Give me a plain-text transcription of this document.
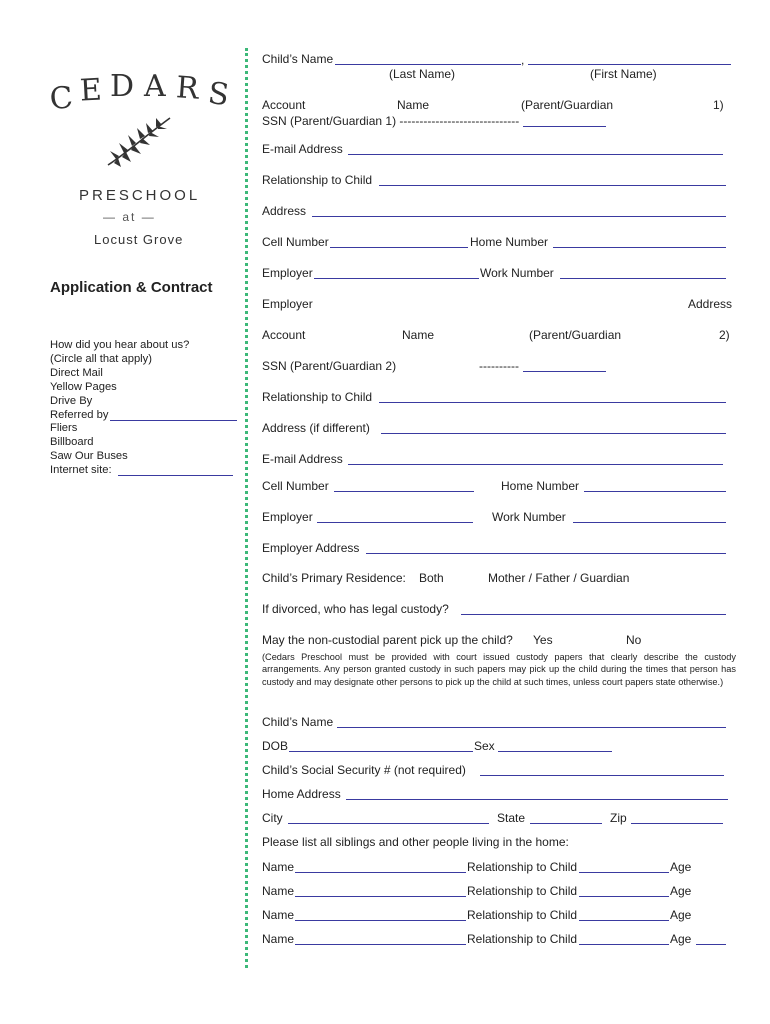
C
E
D A R
S
PRESCHOOL
— at —
Locust Grove
Application & Contract
How did you hear about us?
(Circle all that apply)
Direct Mail
Yellow Pages
Drive By
Referred by
Fliers
Billboard
Saw Our Buses
Internet site:
Child’s Name	,
(Last Name)	(First Name)
Account	Name	(Parent/Guardian	1)
SSN (Parent/Guardian 1) ------------------------------
E-mail Address
Relationship to Child
Address
Cell Number	Home Number
Employer	Work Number
Employer	Address
Account	Name	(Parent/Guardian	2)
SSN (Parent/Guardian 2)	----------
Relationship to Child
Address (if different)
E-mail Address
Cell Number	Home Number
Employer	Work Number
Employer Address
Child’s Primary Residence: Both	Mother / Father / Guardian
If divorced, who has legal custody?
May the non-custodial parent pick up the child? Yes	No
(Cedars Preschool must be provided with court issued custody papers that clearly describe the custody arrangements. Any person granted custody in such papers may pick up the child during the times that person has custody and may designate other persons to pick up the child at such times, unless court papers state otherwise.)
Child’s Name
DOB	Sex
Child’s Social Security # (not required)
Home Address
City	State	Zip
Please list all siblings and other people living in the home:
Name	Relationship to Child	Age
Name	Relationship to Child	Age
Name	Relationship to Child	Age
Name	Relationship to Child	Age
